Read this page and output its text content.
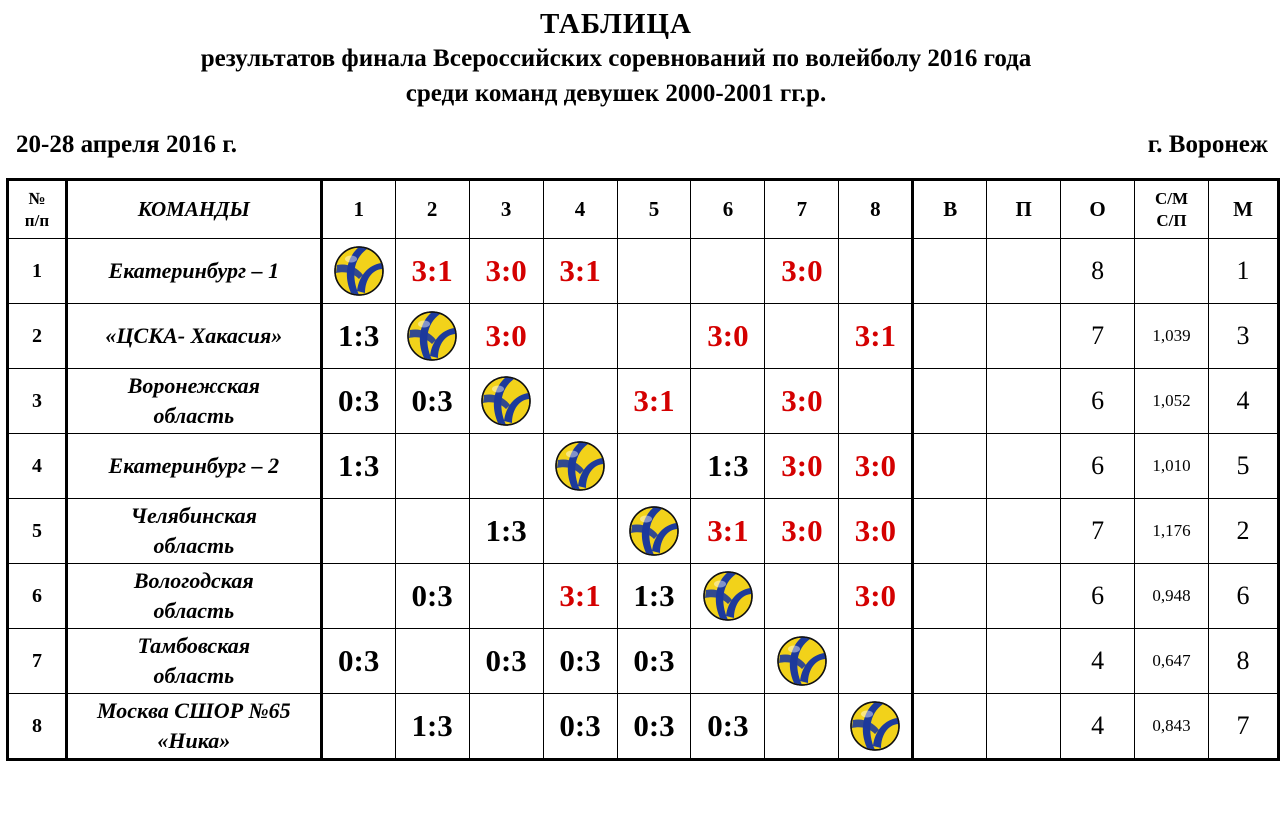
ТАБЛИЦА
результатов финала Всероссийских соревнований по волейболу 2016 года
среди команд девушек 2000-2001 гг.р.
20-28 апреля 2016 г.	г. Воронеж
№
п/п	КОМАНДЫ	1	2	3	4	5	6	7	8	В	П	О	С/М
С/П	М
1	Екатеринбург – 1		3:1	3:0	3:1			3:0				8		1
2	«ЦСКА- Хакасия»	1:3		3:0			3:0		3:1			7	1,039	3
3	Воронежская
область	0:3	0:3			3:1		3:0				6	1,052	4
4	Екатеринбург – 2	1:3					1:3	3:0	3:0			6	1,010	5
5	Челябинская
область			1:3			3:1	3:0	3:0			7	1,176	2
6	Вологодская
область		0:3		3:1	1:3			3:0			6	0,948	6
7	Тамбовская
область	0:3		0:3	0:3	0:3						4	0,647	8
8	Москва СШОР №65
«Ника»		1:3		0:3	0:3	0:3					4	0,843	7
